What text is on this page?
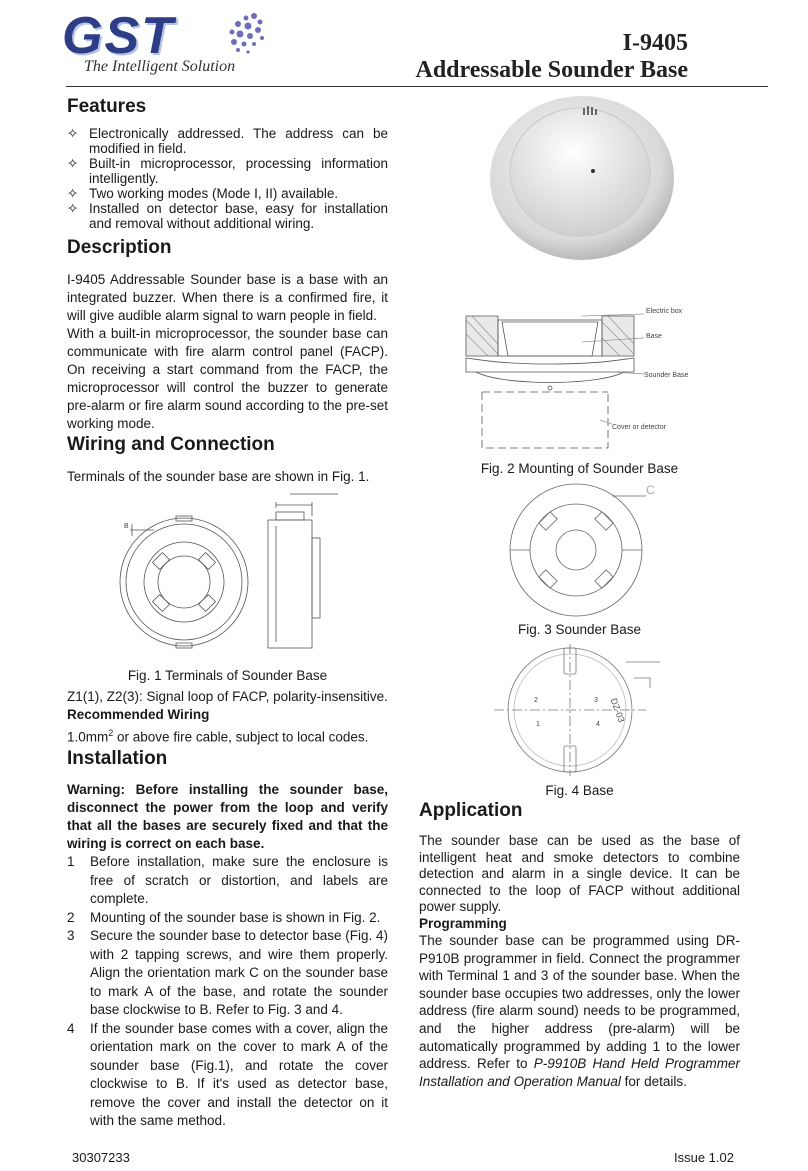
GST
The Intelligent Solution
I-9405
Addressable Sounder Base
Features
✧ Electronically addressed. The address can be modified in field.
✧ Built-in microprocessor, processing information intelligently.
✧ Two working modes (Mode I, II) available.
✧ Installed on detector base, easy for installation and removal without additional wiring.
Description

I-9405 Addressable Sounder base is a base with an integrated buzzer. When there is a confirmed fire, it will give audible alarm signal to warn people in field.

With a built-in microprocessor, the sounder base can communicate with fire alarm control panel (FACP). On receiving a start command from the FACP, the microprocessor will control the buzzer to generate pre-alarm or fire alarm sound according to the pre-set working mode.

Wiring and Connection

Terminals of the sounder base are shown in Fig. 1.

B
Fig. 1 Terminals of Sounder Base

Z1(1), Z2(3): Signal loop of FACP, polarity-insensitive.

Recommended Wiring

$1.0mm^2$ or above fire cable, subject to local codes.

Installation

Warning: Before installing the sounder base, disconnect the power from the loop and verify that all the bases are securely fixed and that the wiring is correct on each base.

1 Before installation, make sure the enclosure is free of scratch or distortion, and labels are complete.
2 Mounting of the sounder base is shown in Fig. 2.
3 Secure the sounder base to detector base (Fig. 4) with 2 tapping screws, and wire them properly. Align the orientation mark C on the sounder base to mark A of the base, and rotate the sounder base clockwise to B. Refer to Fig. 3 and 4.
4 If the sounder base comes with a cover, align the orientation mark on the cover to mark A of the sounder base (Fig.1), and rotate the cover clockwise to B. If it's used as detector base, remove the cover and install the detector on it with the same method.
Electric box
Base
Sounder Base
Cover or detector
Fig. 2 Mounting of Sounder Base
C
Fig. 3 Sounder Base
2	3
1	4
DZ-03
Fig. 4 Base
Application

The sounder base can be used as the base of intelligent heat and smoke detectors to combine detection and alarm in a single device. It can be connected to the loop of FACP without additional power supply.

Programming

The sounder base can be programmed using DR-P910B programmer in field. Connect the programmer with Terminal 1 and 3 of the sounder base. When the sounder base occupies two addresses, only the lower address (fire alarm sound) needs to be programmed, and the higher address (pre-alarm) will be automatically programmed by adding 1 to the lower address. Refer to P-9910B Hand Held Programmer Installation and Operation Manual for details.

30307233	Issue 1.02
